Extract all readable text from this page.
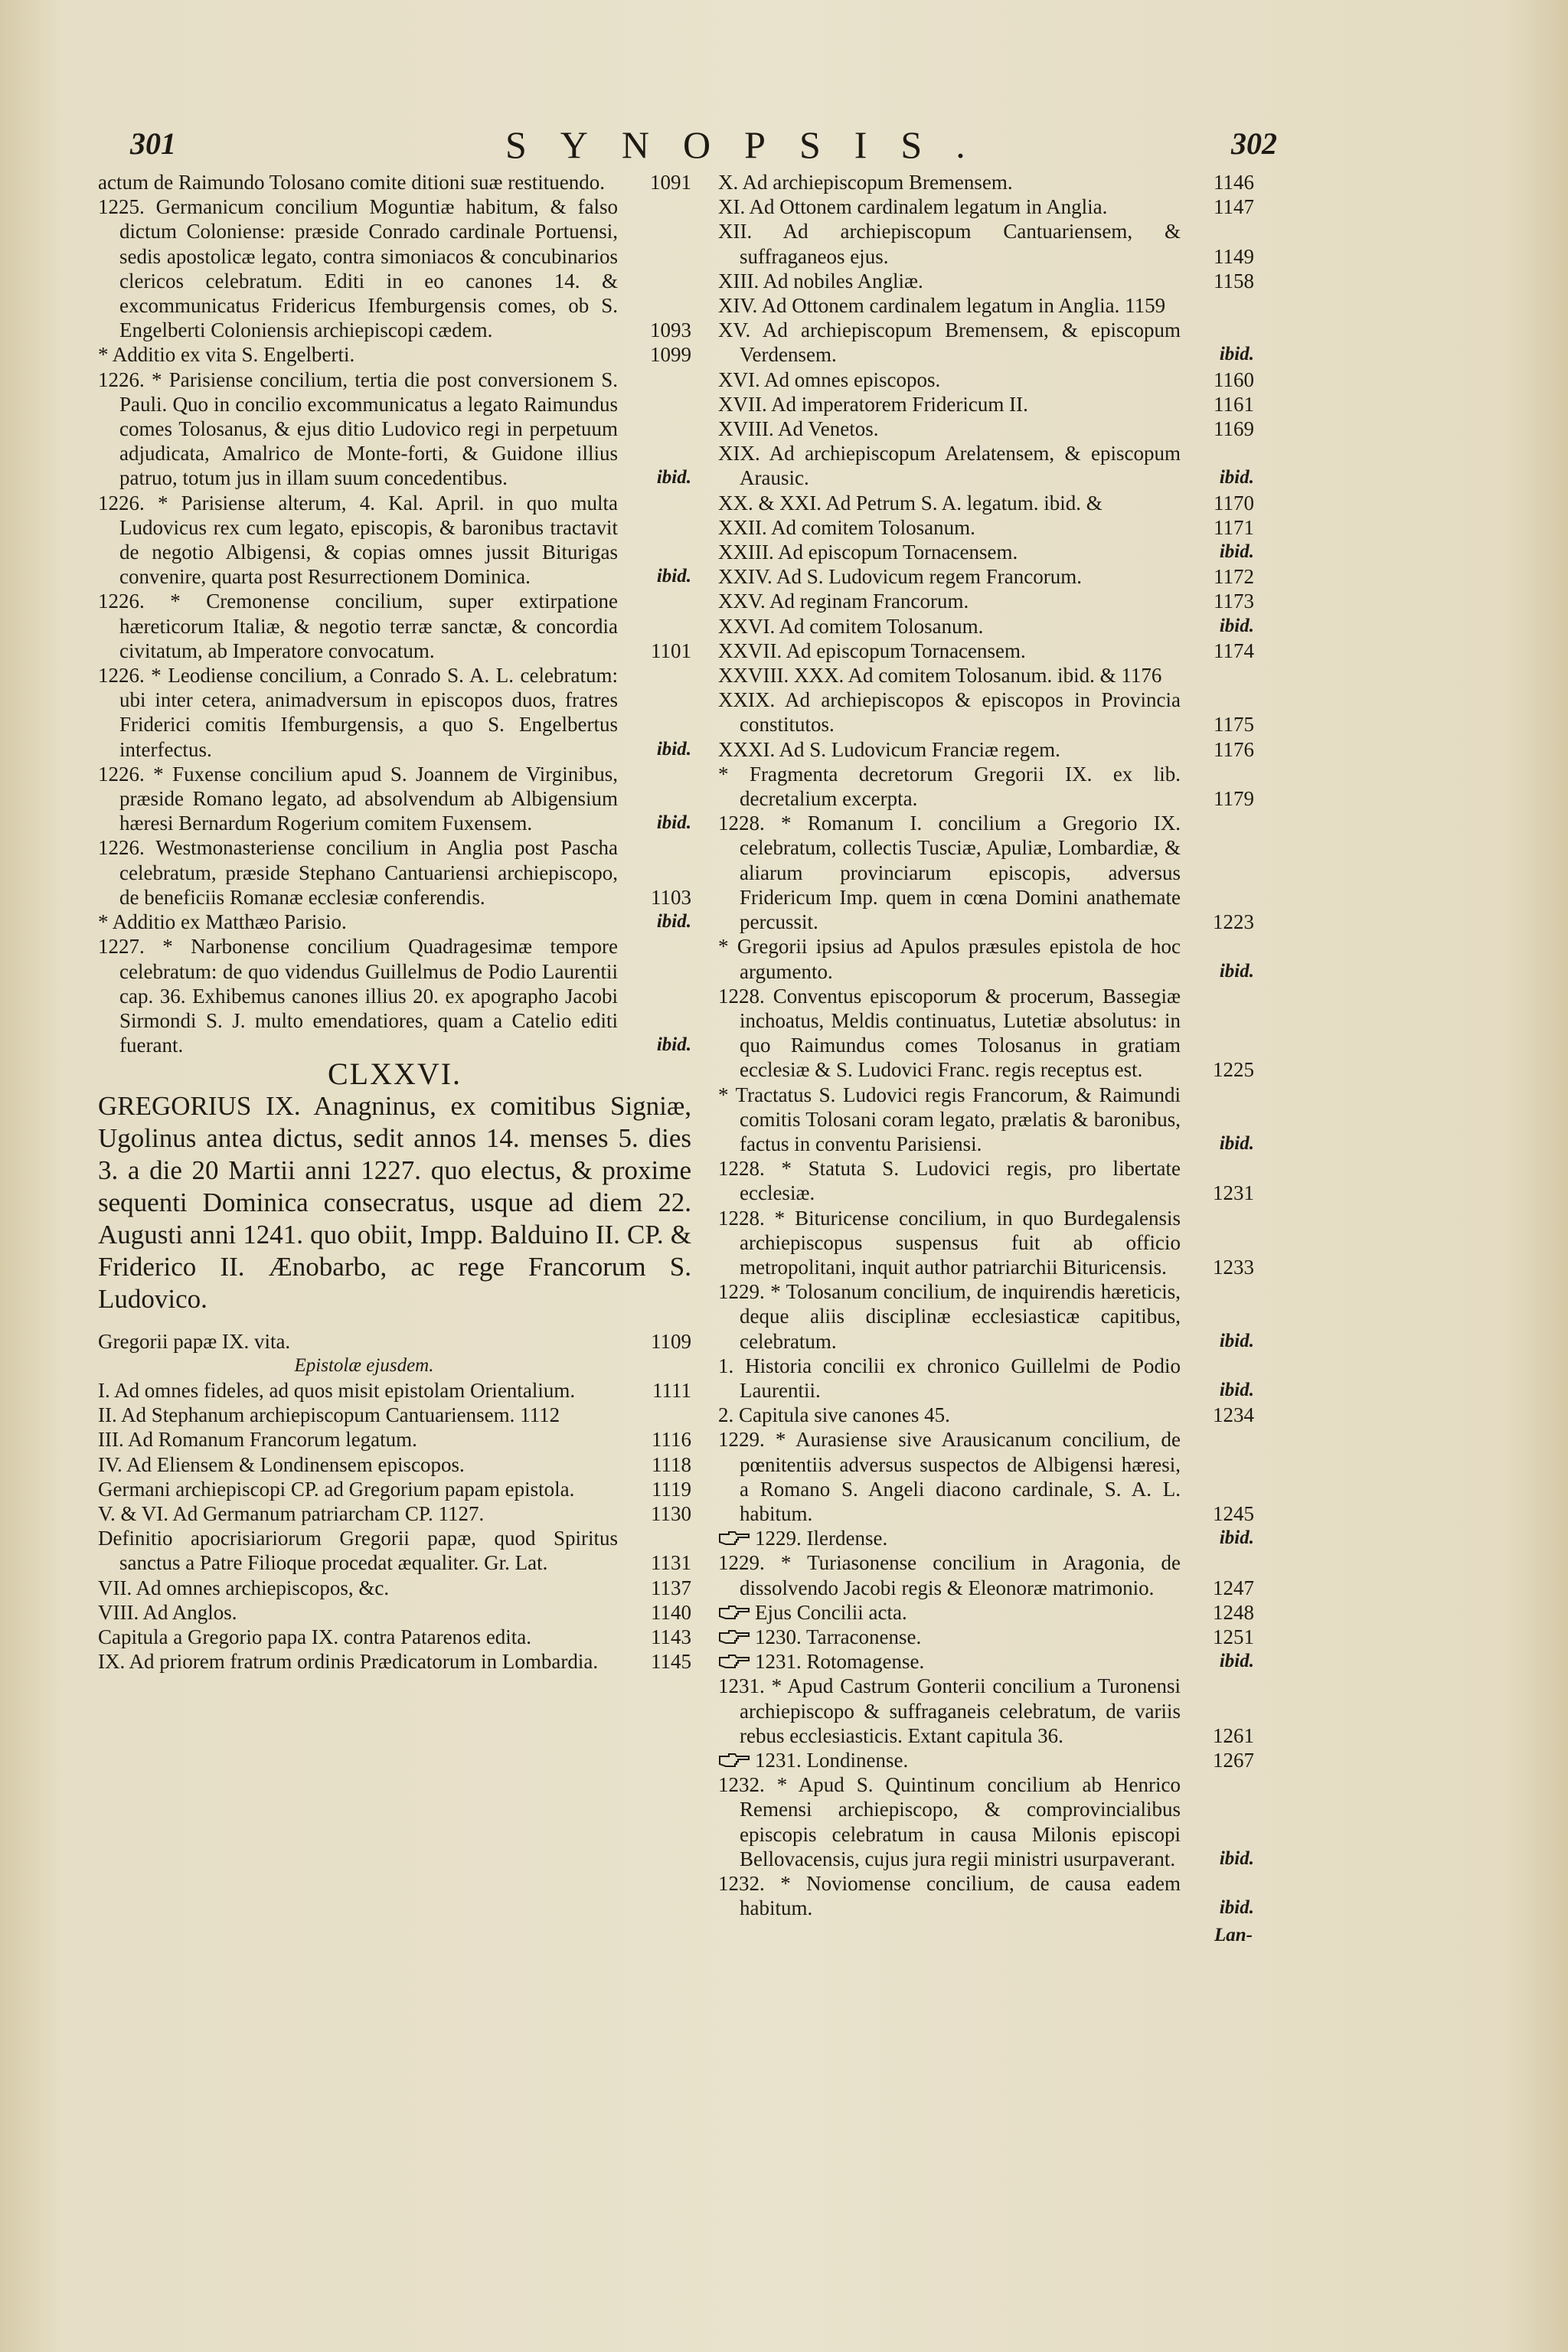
301	SYNOPSIS.	302

actum de Raimundo Tolosano comite ditioni suæ restituendo. 1091

1225. Germanicum concilium Moguntiæ habitum, & falso dictum Coloniense: præside Conrado cardinale Portuensi, sedis apostolicæ legato, contra simoniacos & concubinarios clericos celebratum. Editi in eo canones 14. & excommunicatus Fridericus Ifemburgensis comes, ob S. Engelberti Coloniensis archiepiscopi cædem.	1093

* Additio ex vita S. Engelberti.	1099

1226. * Parisiense concilium, tertia die post conversionem S. Pauli. Quo in concilio excommunicatus a legato Raimundus comes Tolosanus, & ejus ditio Ludovico regi in perpetuum adjudicata, Amalrico de Monte-forti, & Guidone illius patruo, totum jus in illam suum concedentibus.	ibid.

1226. * Parisiense alterum, 4. Kal. April. in quo multa Ludovicus rex cum legato, episcopis, & baronibus tractavit de negotio Albigensi, & copias omnes jussit Biturigas convenire, quarta post Resurrectionem Dominica.	ibid.

1226. * Cremonense concilium, super extirpatione hæreticorum Italiæ, & negotio terræ sanctæ, & concordia civitatum, ab Imperatore convocatum.	1101

1226. * Leodiense concilium, a Conrado S. A. L. celebratum: ubi inter cetera, animadversum in episcopos duos, fratres Friderici comitis Ifemburgensis, a quo S. Engelbertus interfectus.	ibid.

1226. * Fuxense concilium apud S. Joannem de Virginibus, præside Romano legato, ad absolvendum ab Albigensium hæresi Bernardum Rogerium comitem Fuxensem.	ibid.

1226. Westmonasteriense concilium in Anglia post Pascha celebratum, præside Stephano Cantuariensi archiepiscopo, de beneficiis Romanæ ecclesiæ conferendis.	1103

* Additio ex Matthæo Parisio.	ibid.

1227. * Narbonense concilium Quadragesimæ tempore celebratum: de quo videndus Guillelmus de Podio Laurentii cap. 36. Exhibemus canones illius 20. ex apographo Jacobi Sirmondi S. J. multo emendatiores, quam a Catelio editi fuerant.	ibid.

CLXXVI.

GREGORIUS IX. Anagninus, ex comitibus Signiæ, Ugolinus antea dictus, sedit annos 14. menses 5. dies 3. a die 20 Martii anni 1227. quo electus, & proxime sequenti Dominica consecratus, usque ad diem 22. Augusti anni 1241. quo obiit, Impp. Balduino II. CP. & Friderico II. Ænobarbo, ac rege Francorum S. Ludovico.

Gregorii papæ IX. vita.	1109

Epistolæ ejusdem.

I. Ad omnes fideles, ad quos misit epistolam Orientalium.	1111

II. Ad Stephanum archiepiscopum Cantuariensem. 1112

III. Ad Romanum Francorum legatum.	1116

IV. Ad Eliensem & Londinensem episcopos.	1118

Germani archiepiscopi CP. ad Gregorium papam epistola.	1119

V. & VI. Ad Germanum patriarcham CP. 1127.	1130

Definitio apocrisiariorum Gregorii papæ, quod Spiritus sanctus a Patre Filioque procedat æqualiter. Gr. Lat.	1131

VII. Ad omnes archiepiscopos, &c.	1137

VIII. Ad Anglos.	1140

Capitula a Gregorio papa IX. contra Patarenos edita.	1143

IX. Ad priorem fratrum ordinis Prædicatorum in Lombardia.	1145

X. Ad archiepiscopum Bremensem.	1146

XI. Ad Ottonem cardinalem legatum in Anglia.	1147

XII. Ad archiepiscopum Cantuariensem, & suffraganeos ejus.	1149

XIII. Ad nobiles Angliæ.	1158

XIV. Ad Ottonem cardinalem legatum in Anglia. 1159

XV. Ad archiepiscopum Bremensem, & episcopum Verdensem.	ibid.

XVI. Ad omnes episcopos.	1160

XVII. Ad imperatorem Fridericum II.	1161

XVIII. Ad Venetos.	1169

XIX. Ad archiepiscopum Arelatensem, & episcopum Arausic.	ibid.

XX. & XXI. Ad Petrum S. A. legatum. ibid. &	1170

XXII. Ad comitem Tolosanum.	1171

XXIII. Ad episcopum Tornacensem.	ibid.

XXIV. Ad S. Ludovicum regem Francorum.	1172

XXV. Ad reginam Francorum.	1173

XXVI. Ad comitem Tolosanum.	ibid.

XXVII. Ad episcopum Tornacensem.	1174

XXVIII. XXX. Ad comitem Tolosanum. ibid. & 1176

XXIX. Ad archiepiscopos & episcopos in Provincia constitutos.	1175

XXXI. Ad S. Ludovicum Franciæ regem.	1176

* Fragmenta decretorum Gregorii IX. ex lib. decretalium excerpta.	1179

1228. * Romanum I. concilium a Gregorio IX. celebratum, collectis Tusciæ, Apuliæ, Lombardiæ, & aliarum provinciarum episcopis, adversus Fridericum Imp. quem in cœna Domini anathemate percussit.	1223

* Gregorii ipsius ad Apulos præsules epistola de hoc argumento.	ibid.

1228. Conventus episcoporum & procerum, Bassegiæ inchoatus, Meldis continuatus, Lutetiæ absolutus: in quo Raimundus comes Tolosanus in gratiam ecclesiæ & S. Ludovici Franc. regis receptus est.	1225

* Tractatus S. Ludovici regis Francorum, & Raimundi comitis Tolosani coram legato, prælatis & baronibus, factus in conventu Parisiensi.	ibid.

1228. * Statuta S. Ludovici regis, pro libertate ecclesiæ.	1231

1228. * Bituricense concilium, in quo Burdegalensis archiepiscopus suspensus fuit ab officio metropolitani, inquit author patriarchii Bituricensis. 1233

1229. * Tolosanum concilium, de inquirendis hæreticis, deque aliis disciplinæ ecclesiasticæ capitibus, celebratum.	ibid.

1. Historia concilii ex chronico Guillelmi de Podio Laurentii.	ibid.

2. Capitula sive canones 45.	1234

1229. * Aurasiense sive Arausicanum concilium, de pœnitentiis adversus suspectos de Albigensi hæresi, a Romano S. Angeli diacono cardinale, S. A. L. habitum.	1245

1229. Ilerdense.	ibid.

1229. * Turiasonense concilium in Aragonia, de dissolvendo Jacobi regis & Eleonoræ matrimonio.	1247

Ejus Concilii acta.	1248

1230. Tarraconense.	1251

1231. Rotomagense.	ibid.

1231. * Apud Castrum Gonterii concilium a Turonensi archiepiscopo & suffraganeis celebratum, de variis rebus ecclesiasticis. Extant capitula 36.	1261

1231. Londinense.	1267

1232. * Apud S. Quintinum concilium ab Henrico Remensi archiepiscopo, & comprovincialibus episcopis celebratum in causa Milonis episcopi Bellovacensis, cujus jura regii ministri usurpaverant. ibid.

1232. * Noviomense concilium, de causa eadem habitum.	ibid.

Lan-
